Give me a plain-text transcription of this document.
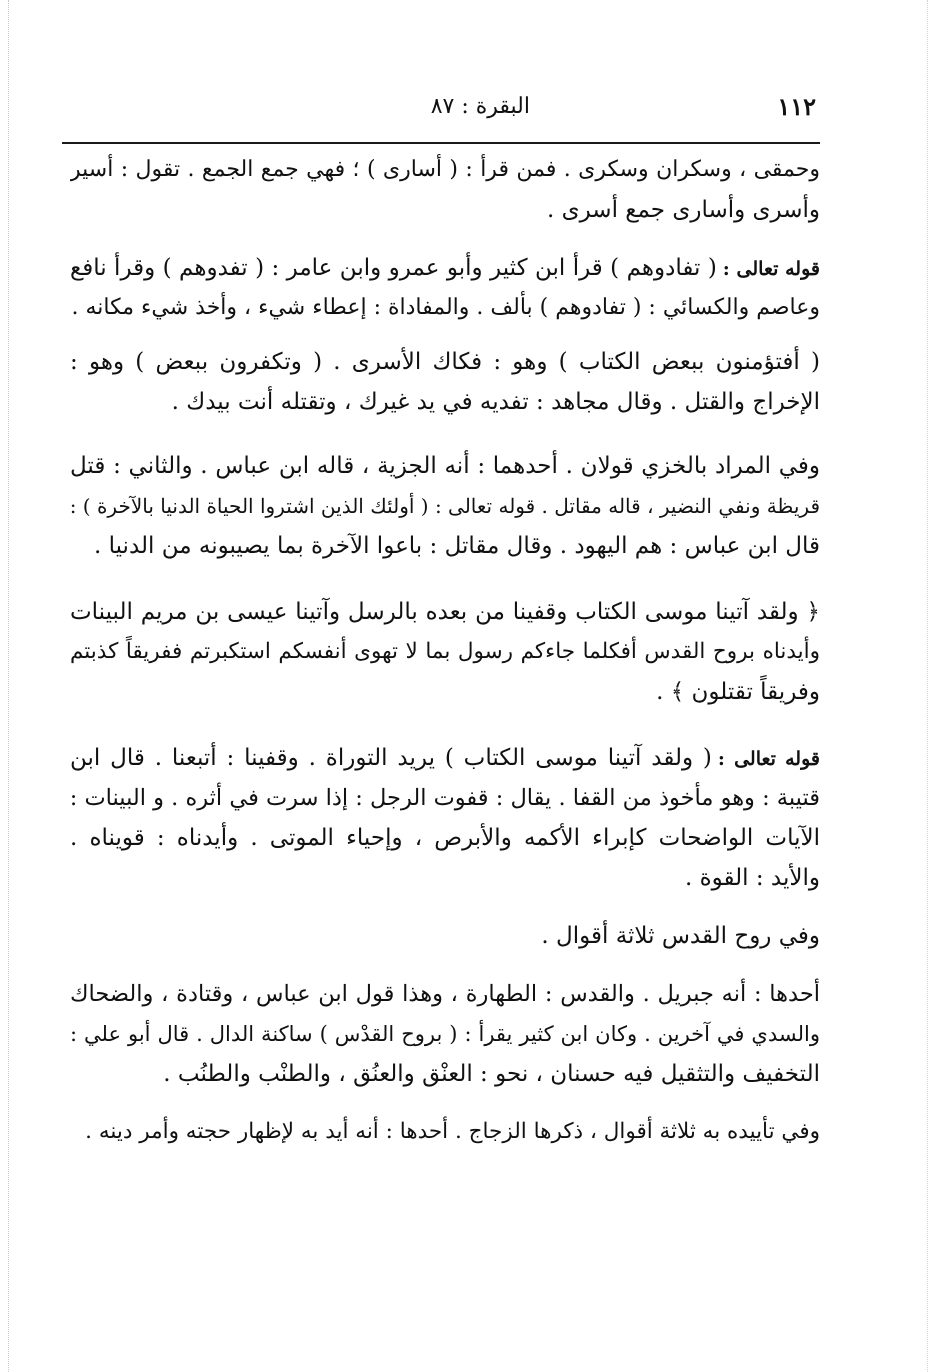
١١٢
البقرة : ٨٧
وحمقى ، وسكران وسكرى . فمن قرأ : ( أسارى ) ؛ فهي جمع الجمع . تقول : أسير
وأسرى وأسارى جمع أسرى .
قوله تعالى :( تفادوهم ) قرأ ابن كثير وأبو عمرو وابن عامر : ( تفدوهم ) وقرأ نافع
وعاصم والكسائي : ( تفادوهم ) بألف . والمفاداة : إعطاء شيء ، وأخذ شيء مكانه .
( أفتؤمنون ببعض الكتاب ) وهو : فكاك الأسرى . ( وتكفرون ببعض ) وهو :
الإخراج والقتل . وقال مجاهد : تفديه في يد غيرك ، وتقتله أنت بيدك .
وفي المراد بالخزي قولان . أحدهما : أنه الجزية ، قاله ابن عباس . والثاني : قتل
قريظة ونفي النضير ، قاله مقاتل . قوله تعالى : ( أولئك الذين اشتروا الحياة الدنيا بالآخرة ) :
قال ابن عباس : هم اليهود . وقال مقاتل : باعوا الآخرة بما يصيبونه من الدنيا .
﴿ ولقد آتينا موسى الكتاب وقفينا من بعده بالرسل وآتينا عيسى بن مريم البينات
وأيدناه بروح القدس أفكلما جاءكم رسول بما لا تهوى أنفسكم استكبرتم ففريقاً كذبتم
وفريقاً تقتلون ﴾ .
قوله تعالى :( ولقد آتينا موسى الكتاب ) يريد التوراة . وقفينا : أتبعنا . قال ابن
قتيبة : وهو مأخوذ من القفا . يقال : قفوت الرجل : إذا سرت في أثره . و البينات :
الآيات الواضحات كإبراء الأكمه والأبرص ، وإحياء الموتى . وأيدناه : قويناه .
والأيد : القوة .
وفي روح القدس ثلاثة أقوال .
أحدها : أنه جبريل . والقدس : الطهارة ، وهذا قول ابن عباس ، وقتادة ، والضحاك
والسدي في آخرين . وكان ابن كثير يقرأ : ( بروح القدْس ) ساكنة الدال . قال أبو علي :
التخفيف والتثقيل فيه حسنان ، نحو : العنْق والعنُق ، والطنْب والطنُب .
وفي تأييده به ثلاثة أقوال ، ذكرها الزجاج . أحدها : أنه أيد به لإظهار حجته وأمر دينه .
